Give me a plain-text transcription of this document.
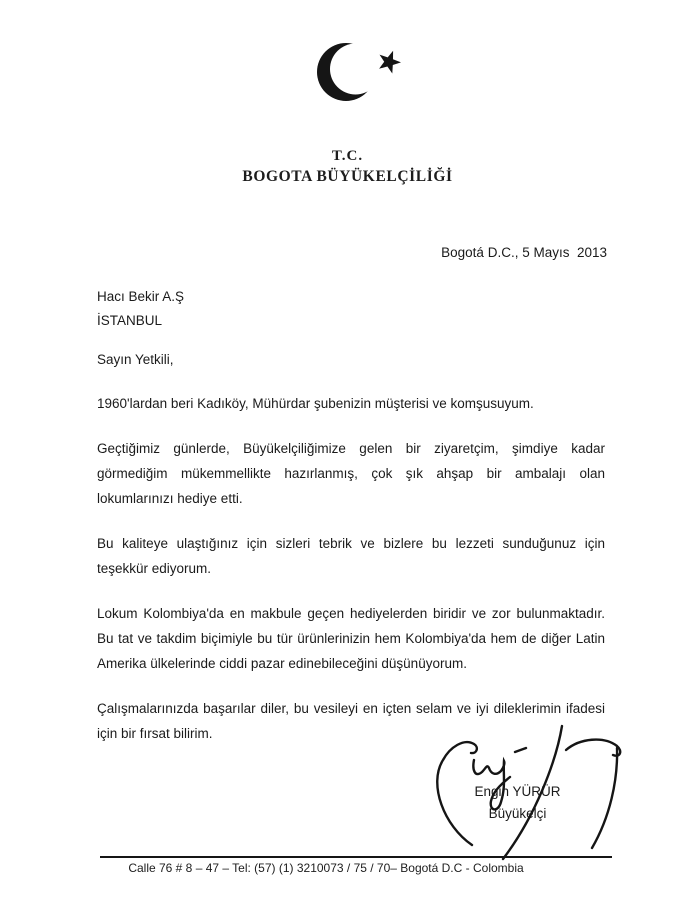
T.C.
BOGOTA BÜYÜKELÇİLİĞİ
Bogotá D.C., 5 Mayıs  2013
Hacı Bekir A.Ş
İSTANBUL

Sayın Yetkili,

1960'lardan beri Kadıköy, Mühürdar şubenizin müşterisi ve komşusuyum.

Geçtiğimiz günlerde, Büyükelçiliğimize gelen bir ziyaretçim, şimdiye kadar görmediğim mükemmellikte hazırlanmış, çok şık ahşap bir ambalajı olan lokumlarınızı hediye etti.

Bu kaliteye ulaştığınız için sizleri tebrik ve bizlere bu lezzeti sunduğunuz için teşekkür ediyorum.

Lokum Kolombiya'da en makbule geçen hediyelerden biridir ve zor bulunmaktadır. Bu tat ve takdim biçimiyle bu tür ürünlerinizin hem Kolombiya'da hem de diğer Latin Amerika ülkelerinde ciddi pazar edinebileceğini düşünüyorum.

Çalışmalarınızda başarılar diler, bu vesileyi en içten selam ve iyi dileklerimin ifadesi için bir fırsat bilirim.

Engin YÜRÜR
Büyükelçi
Calle 76 # 8 – 47 – Tel: (57) (1) 3210073 / 75 / 70– Bogotá D.C - Colombia
